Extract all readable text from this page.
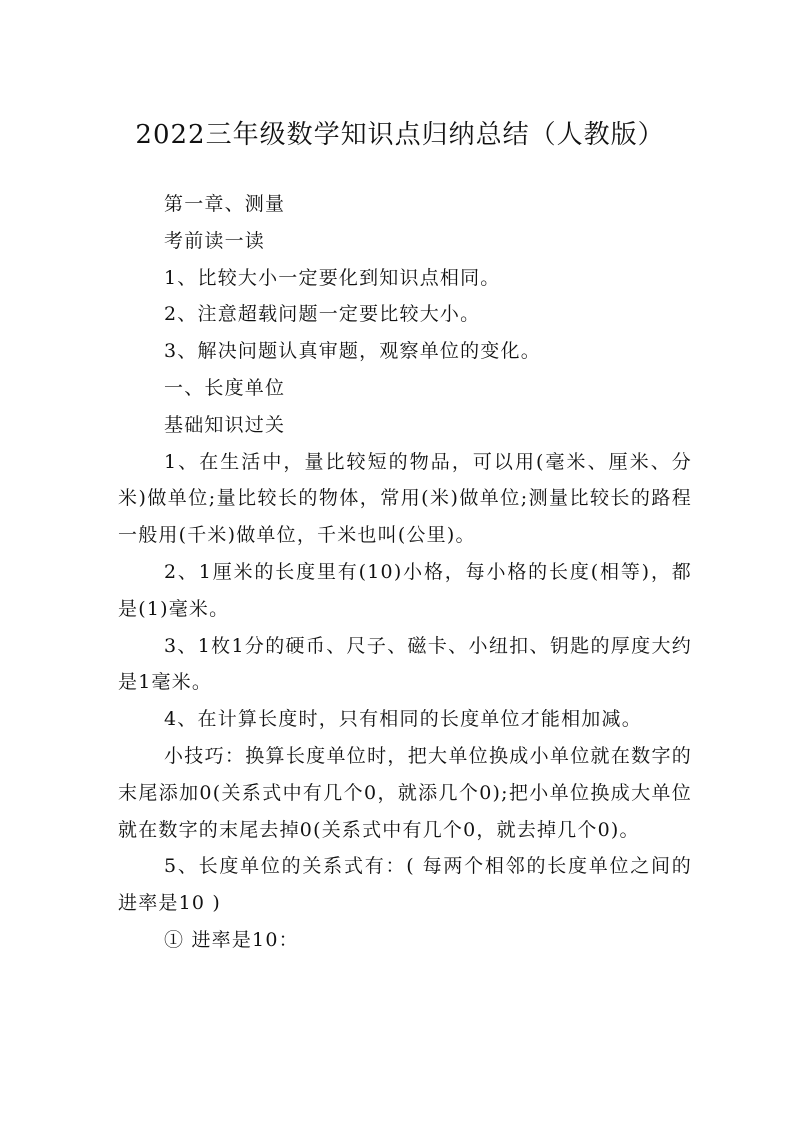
2022三年级数学知识点归纳总结（人教版）

第一章、测量

考前读一读

1、比较大小一定要化到知识点相同。

2、注意超载问题一定要比较大小。

3、解决问题认真审题，观察单位的变化。

一、长度单位

基础知识过关

1、在生活中，量比较短的物品，可以用(毫米、厘米、分米)做单位;量比较长的物体，常用(米)做单位;测量比较长的路程一般用(千米)做单位，千米也叫(公里)。

2、1厘米的长度里有(10)小格，每小格的长度(相等)，都是(1)毫米。

3、1枚1分的硬币、尺子、磁卡、小纽扣、钥匙的厚度大约是1毫米。

4、在计算长度时，只有相同的长度单位才能相加减。

小技巧：换算长度单位时，把大单位换成小单位就在数字的末尾添加0(关系式中有几个0，就添几个0);把小单位换成大单位就在数字的末尾去掉0(关系式中有几个0，就去掉几个0)。

5、长度单位的关系式有：( 每两个相邻的长度单位之间的进率是10 )

① 进率是10：
